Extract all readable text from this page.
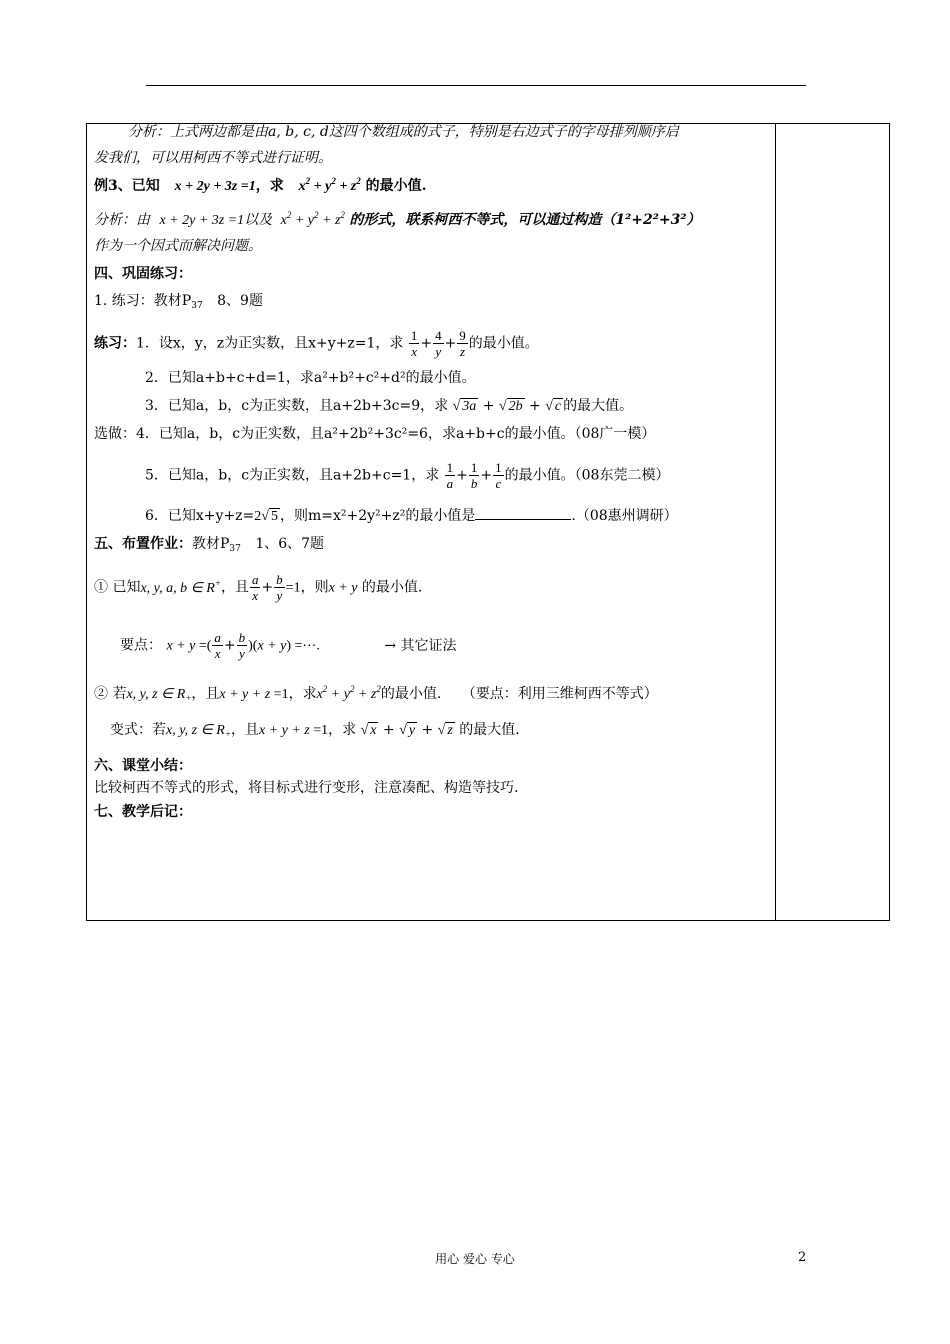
分析：上式两边都是由a, b, c, d这四个数组成的式子，特别是右边式子的字母排列顺序启
发我们，可以用柯西不等式进行证明。
例3、已知 x + 2y + 3z =1，求 $x^2 + y^2 + z^2$ 的最小值.
分析：由 x + 2y + 3z =1以及 $x^2 + y^2 + z^2$ 的形式，联系柯西不等式，可以通过构造（1²+2²+3²）
作为一个因式而解决问题。
四、巩固练习：
1. 练习：教材$P_{37}$ 8、9题
练习：1．设x，y，z为正实数，且x+y+z=1，求 $\frac{1}{x} + \frac{4}{y} + \frac{9}{z}$ 的最小值。
2．已知a+b+c+d=1，求a²+b²+c²+d²的最小值。
3．已知a，b，c为正实数，且a+2b+3c=9，求 √ 3a + √ 2b + √ c 的最大值。
选做：4．已知a，b，c为正实数，且a²+2b²+3c²=6，求a+b+c的最小值。（08广一模）
5．已知a，b，c为正实数，且a+2b+c=1，求 $\frac{1}{a} + \frac{1}{b} + \frac{1}{c}$ 的最小值。（08东莞二模）
6．已知x+y+z=2√ 5 ，则m=x²+2y²+z²的最小值是	.（08惠州调研）
五、布置作业：教材$P_{37}$ 1、6、7题
① 已知x, y, a, b ∈ R+，且 $\frac{a}{x} + \frac{b}{y} =1$，则x + y 的最小值.
要点： x + y =( $\frac{a}{x} + \frac{b}{y} )(x + y)$ =⋯.	→ 其它证法
② 若x, y, z ∈ $R_+$，且x + y + z =1，求$x^2 + y^2 + z^2$的最小值. （要点：利用三维柯西不等式）
变式：若x, y, z ∈ $R_+$，且x + y + z =1，求 √ x + √ y + √ z 的最大值.
六、课堂小结：
比较柯西不等式的形式，将目标式进行变形，注意凑配、构造等技巧.
七、教学后记：
用心 爱心 专心	2
